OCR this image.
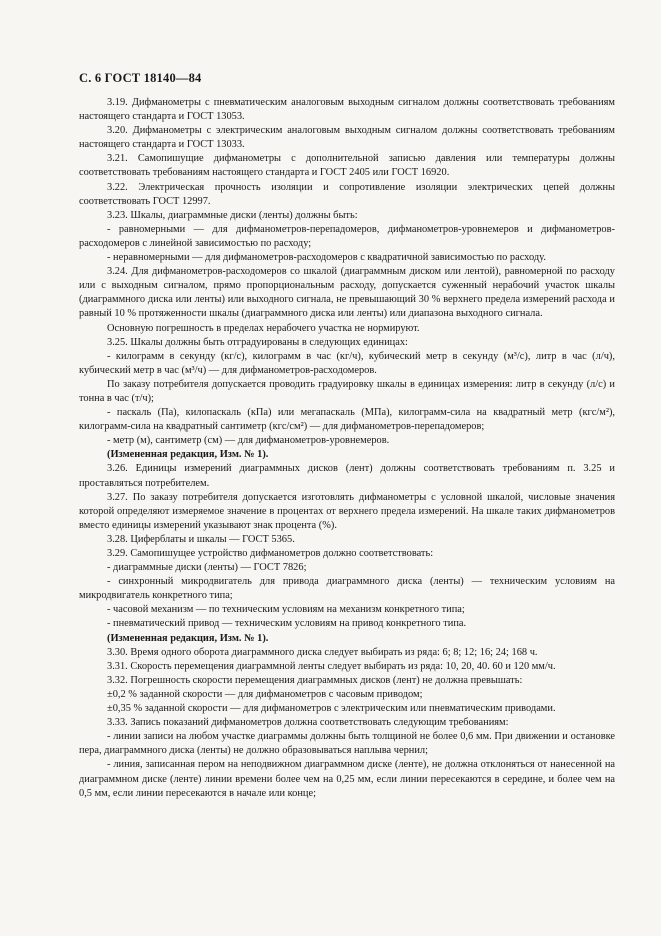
С. 6 ГОСТ 18140—84

3.19. Дифманометры с пневматическим аналоговым выходным сигналом должны соответствовать требованиям настоящего стандарта и ГОСТ 13053.

3.20. Дифманометры с электрическим аналоговым выходным сигналом должны соответствовать требованиям настоящего стандарта и ГОСТ 13033.

3.21. Самопишущие дифманометры с дополнительной записью давления или температуры должны соответствовать требованиям настоящего стандарта и ГОСТ 2405 или ГОСТ 16920.

3.22. Электрическая прочность изоляции и сопротивление изоляции электрических цепей должны соответствовать ГОСТ 12997.

3.23. Шкалы, диаграммные диски (ленты) должны быть:

- равномерными — для дифманометров-перепадомеров, дифманометров-уровнемеров и дифманометров-расходомеров с линейной зависимостью по расходу;

- неравномерными — для дифманометров-расходомеров с квадратичной зависимостью по расходу.

3.24. Для дифманометров-расходомеров со шкалой (диаграммным диском или лентой), равномерной по расходу или с выходным сигналом, прямо пропорциональным расходу, допускается суженный нерабочий участок шкалы (диаграммного диска или ленты) или выходного сигнала, не превышающий 30 % верхнего предела измерений расхода и равный 10 % протяженности шкалы (диаграммного диска или ленты) или диапазона выходного сигнала.

Основную погрешность в пределах нерабочего участка не нормируют.

3.25. Шкалы должны быть отградуированы в следующих единицах:

- килограмм в секунду (кг/с), килограмм в час (кг/ч), кубический метр в секунду (м³/с), литр в час (л/ч), кубический метр в час (м³/ч) — для дифманометров-расходомеров.

По заказу потребителя допускается проводить градуировку шкалы в единицах измерения: литр в секунду (л/с) и тонна в час (т/ч);

- паскаль (Па), килопаскаль (кПа) или мегапаскаль (МПа), килограмм-сила на квадратный метр (кгс/м²), килограмм-сила на квадратный сантиметр (кгс/см²) — для дифманометров-перепадомеров;

- метр (м), сантиметр (см) — для дифманометров-уровнемеров.

(Измененная редакция, Изм. № 1).

3.26. Единицы измерений диаграммных дисков (лент) должны соответствовать требованиям п. 3.25 и проставляться потребителем.

3.27. По заказу потребителя допускается изготовлять дифманометры с условной шкалой, числовые значения которой определяют измеряемое значение в процентах от верхнего предела измерений. На шкале таких дифманометров вместо единицы измерений указывают знак процента (%).

3.28. Циферблаты и шкалы — ГОСТ 5365.

3.29. Самопишущее устройство дифманометров должно соответствовать:

- диаграммные диски (ленты) — ГОСТ 7826;

- синхронный микродвигатель для привода диаграммного диска (ленты) — техническим условиям на микродвигатель конкретного типа;

- часовой механизм — по техническим условиям на механизм конкретного типа;

- пневматический привод — техническим условиям на привод конкретного типа.

(Измененная редакция, Изм. № 1).

3.30. Время одного оборота диаграммного диска следует выбирать из ряда: 6; 8; 12; 16; 24; 168 ч.

3.31. Скорость перемещения диаграммной ленты следует выбирать из ряда: 10, 20, 40. 60 и 120 мм/ч.

3.32. Погрешность скорости перемещения диаграммных дисков (лент) не должна превышать:

±0,2 % заданной скорости — для дифманометров с часовым приводом;

±0,35 % заданной скорости — для дифманометров с электрическим или пневматическим приводами.

3.33. Запись показаний дифманометров должна соответствовать следующим требованиям:

- линии записи на любом участке диаграммы должны быть толщиной не более 0,6 мм. При движении и остановке пера, диаграммного диска (ленты) не должно образовываться наплыва чернил;

- линия, записанная пером на неподвижном диаграммном диске (ленте), не должна отклоняться от нанесенной на диаграммном диске (ленте) линии времени более чем на 0,25 мм, если линии пересекаются в середине, и более чем на 0,5 мм, если линии пересекаются в начале или конце;
